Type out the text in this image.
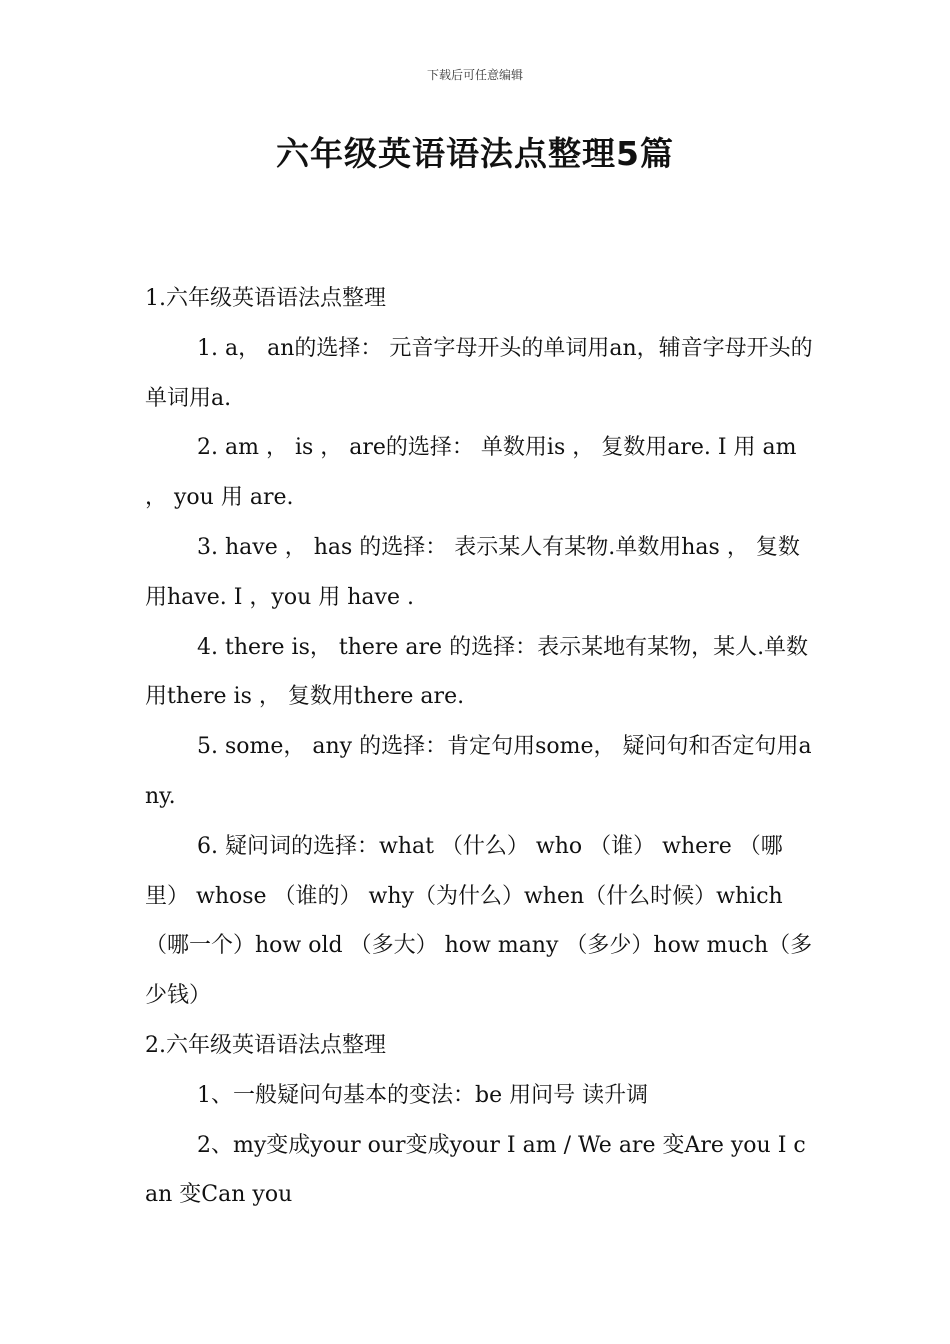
下载后可任意编辑
六年级英语语法点整理5篇

1.六年级英语语法点整理

1. a， an的选择： 元音字母开头的单词用an，辅音字母开头的单词用a.

2. am ， is ， are的选择： 单数用is ， 复数用are. I 用 am ， you 用 are.

3. have ， has 的选择： 表示某人有某物.单数用has ， 复数用have. I ，you 用 have .

4. there is， there are 的选择：表示某地有某物，某人.单数用there is ， 复数用there are.

5. some， any 的选择：肯定句用some， 疑问句和否定句用any.

6. 疑问词的选择：what （什么） who （谁） where （哪里） whose （谁的） why（为什么）when（什么时候）which（哪一个）how old （多大） how many （多少）how much（多少钱）

2.六年级英语语法点整理

1、一般疑问句基本的变法：be 用问号 读升调

2、my变成your our变成your I am / We are 变Are you I can 变Can you
